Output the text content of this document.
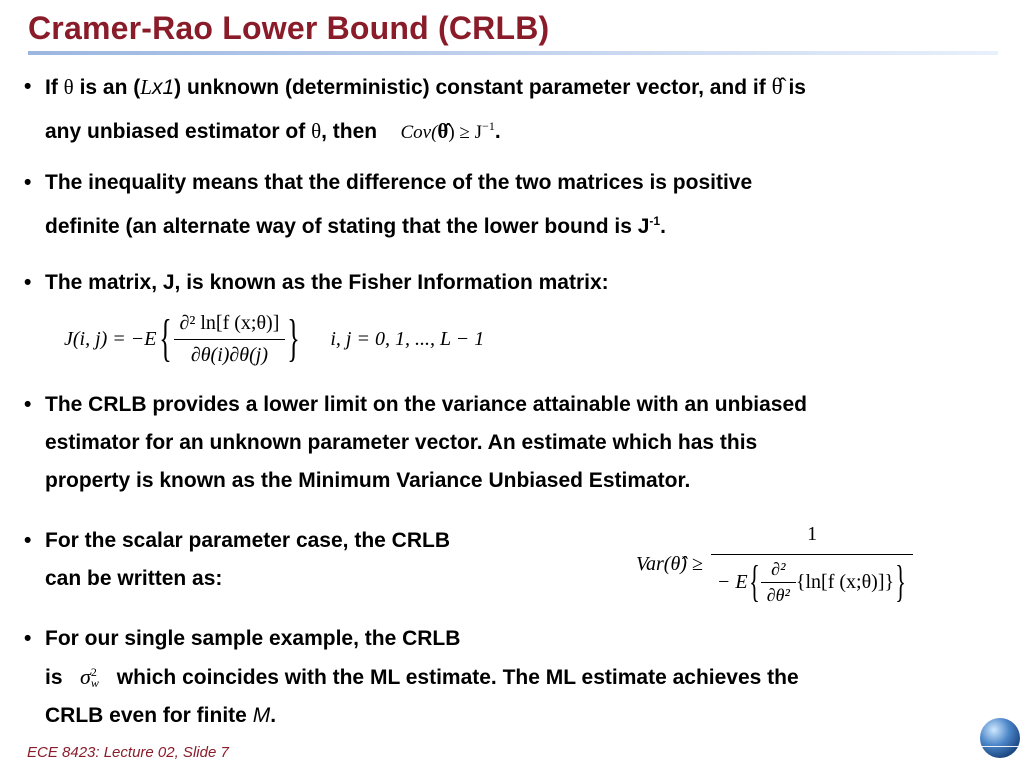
Cramer-Rao Lower Bound (CRLB)
• If θ is an (Lx1) unknown (deterministic) constant parameter vector, and if θ̂ is
any unbiased estimator of θ, then Cov(θ̂) ≥ $J^{-1}$.
• The inequality means that the difference of the two matrices is positive
definite (an alternate way of stating that the lower bound is $J^{-1}$.
• The matrix, J, is known as the Fisher Information matrix:
• The CRLB provides a lower limit on the variance attainable with an unbiased
estimator for an unknown parameter vector. An estimate which has this
property is known as the Minimum Variance Unbiased Estimator.
• For the scalar parameter case, the CRLB
can be written as:
• For our single sample example, the CRLB
is σ 2
w which coincides with the ML estimate. The ML estimate achieves the
CRLB even for finite M.
J(i, j) = −E { $\frac{\text{∂² ln[f (x;θ)]}}{\partial\theta(i)\partial\theta(j)}$ } i, j = 0, 1, ..., L − 1
Var(θ̂) ≥
1
− E { $\frac{\text{∂²}}{\text{∂θ²}} \{\ln[f$ (x;θ)]} }
ECE 8423: Lecture 02, Slide 7
